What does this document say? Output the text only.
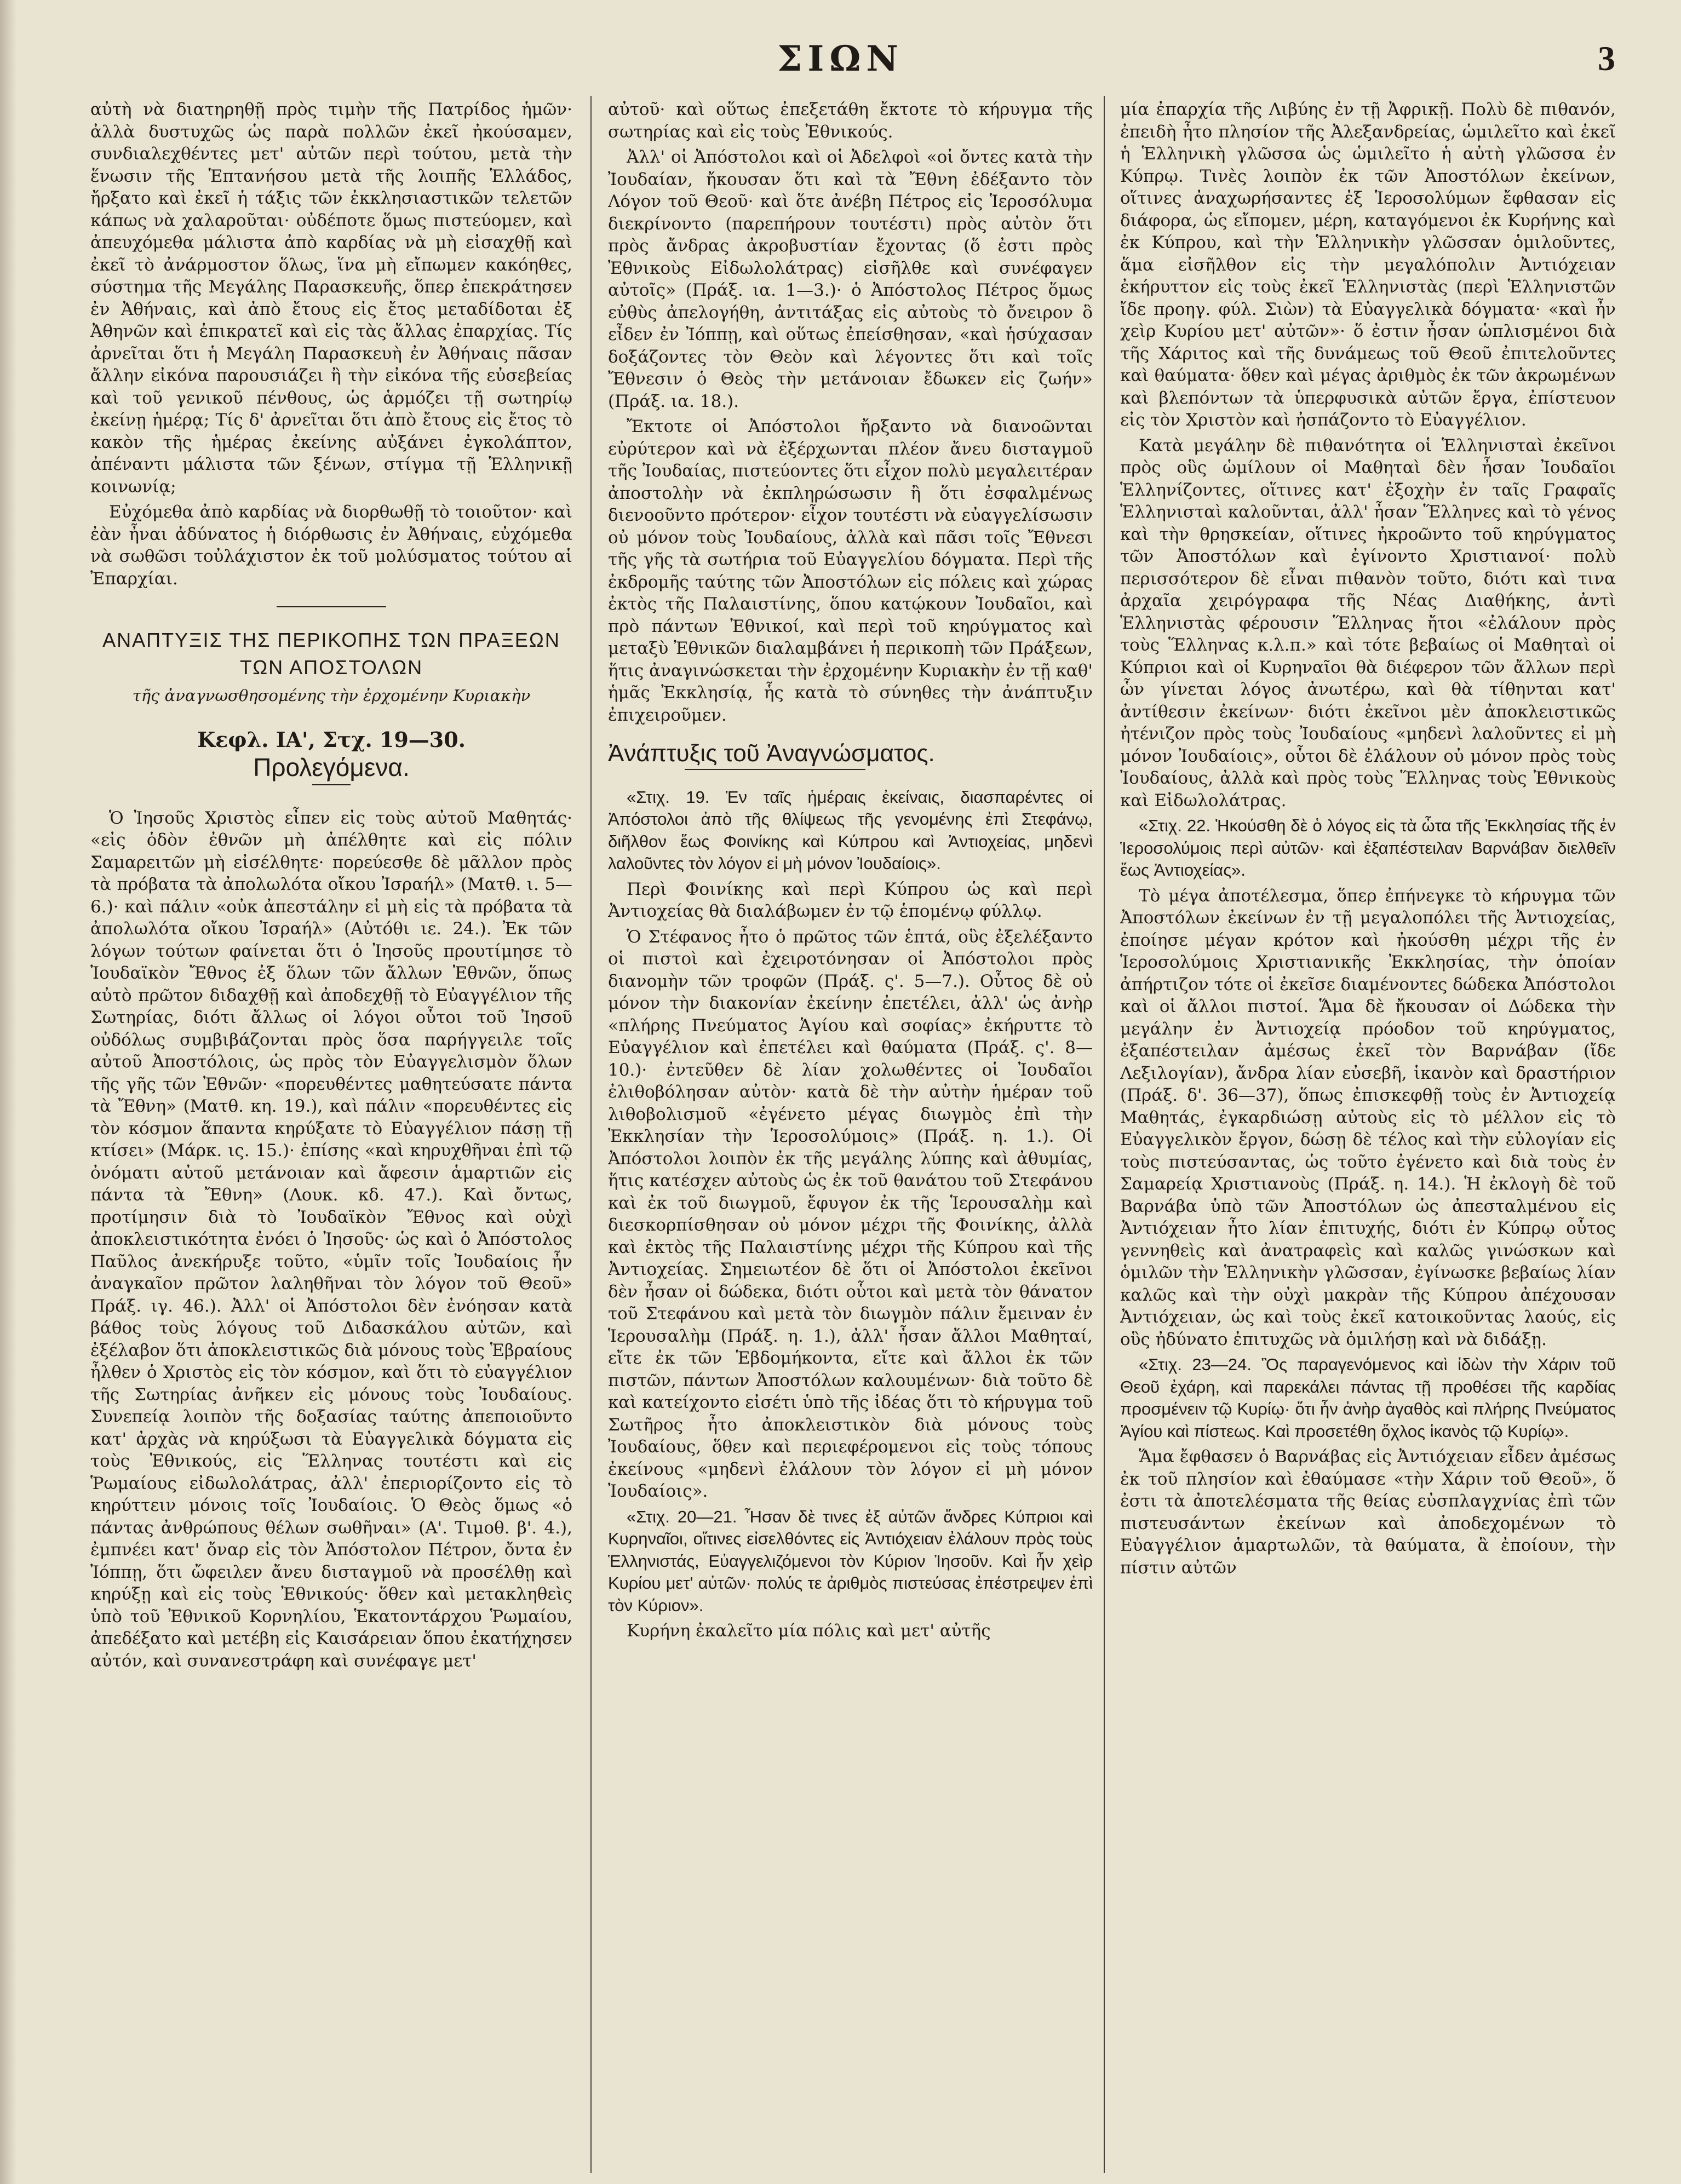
ΣΙΩΝ	3

αὐτὴ νὰ διατηρηθῇ πρὸς τιμὴν τῆς Πατρίδος ἡμῶν· ἀλλὰ δυστυχῶς ὡς παρὰ πολλῶν ἐκεῖ ἠκούσαμεν, συνδιαλεχθέντες μετ' αὐτῶν περὶ τούτου, μετὰ τὴν ἕνωσιν τῆς Ἑπτανήσου μετὰ τῆς λοιπῆς Ἑλλάδος, ἤρξατο καὶ ἐκεῖ ἡ τάξις τῶν ἐκκλησιαστικῶν τελετῶν κάπως νὰ χαλαροῦται· οὐδέποτε ὅμως πιστεύομεν, καὶ ἀπευχόμεθα μάλιστα ἀπὸ καρδίας νὰ μὴ εἰσαχθῇ καὶ ἐκεῖ τὸ ἀνάρμοστον ὅλως, ἵνα μὴ εἴπωμεν κακόηθες, σύστημα τῆς Μεγάλης Παρασκευῆς, ὅπερ ἐπεκράτησεν ἐν Ἀθήναις, καὶ ἀπὸ ἔτους εἰς ἔτος μεταδίδοται ἐξ Ἀθηνῶν καὶ ἐπικρατεῖ καὶ εἰς τὰς ἄλλας ἐπαρχίας. Τίς ἀρνεῖται ὅτι ἡ Μεγάλη Παρασκευὴ ἐν Ἀθήναις πᾶσαν ἄλλην εἰκόνα παρουσιάζει ἢ τὴν εἰκόνα τῆς εὐσεβείας καὶ τοῦ γενικοῦ πένθους, ὡς ἁρμόζει τῇ σωτηρίῳ ἐκείνῃ ἡμέρᾳ; Τίς δ' ἀρνεῖται ὅτι ἀπὸ ἔτους εἰς ἔτος τὸ κακὸν τῆς ἡμέρας ἐκείνης αὐξάνει ἐγκολάπτον, ἀπέναντι μάλιστα τῶν ξένων, στίγμα τῇ Ἑλληνικῇ κοινωνίᾳ;

Εὐχόμεθα ἀπὸ καρδίας νὰ διορθωθῇ τὸ τοιοῦτον· καὶ ἐὰν ἦναι ἀδύνατος ἡ διόρθωσις ἐν Ἀθήναις, εὐχόμεθα νὰ σωθῶσι τοὐλάχιστον ἐκ τοῦ μολύσματος τούτου αἱ Ἐπαρχίαι.

ΑΝΑΠΤΥΞΙΣ ΤΗΣ ΠΕΡΙΚΟΠΗΣ ΤΩΝ ΠΡΑΞΕΩΝ ΤΩΝ ΑΠΟΣΤΟΛΩΝ

τῆς ἀναγνωσθησομένης τὴν ἐρχομένην Κυριακὴν

Κεφλ. ΙΑ', Στχ. 19—30.

Προλεγόμενα.

Ὁ Ἰησοῦς Χριστὸς εἶπεν εἰς τοὺς αὐτοῦ Μαθητάς· «εἰς ὁδὸν ἐθνῶν μὴ ἀπέλθητε καὶ εἰς πόλιν Σαμαρειτῶν μὴ εἰσέλθητε· πορεύεσθε δὲ μᾶλλον πρὸς τὰ πρόβατα τὰ ἀπολωλότα οἴκου Ἰσραήλ» (Ματθ. ι. 5—6.)· καὶ πάλιν «οὐκ ἀπεστάλην εἰ μὴ εἰς τὰ πρόβατα τὰ ἀπολωλότα οἴκου Ἰσραήλ» (Αὐτόθι ιε. 24.). Ἐκ τῶν λόγων τούτων φαίνεται ὅτι ὁ Ἰησοῦς προυτίμησε τὸ Ἰουδαϊκὸν Ἔθνος ἐξ ὅλων τῶν ἄλλων Ἐθνῶν, ὅπως αὐτὸ πρῶτον διδαχθῇ καὶ ἀποδεχθῇ τὸ Εὐαγγέλιον τῆς Σωτηρίας, διότι ἄλλως οἱ λόγοι οὗτοι τοῦ Ἰησοῦ οὐδόλως συμβιβάζονται πρὸς ὅσα παρήγγειλε τοῖς αὐτοῦ Ἀποστόλοις, ὡς πρὸς τὸν Εὐαγγελισμὸν ὅλων τῆς γῆς τῶν Ἐθνῶν· «πορευθέντες μαθητεύσατε πάντα τὰ Ἔθνη» (Ματθ. κη. 19.), καὶ πάλιν «πορευθέντες εἰς τὸν κόσμον ἅπαντα κηρύξατε τὸ Εὐαγγέλιον πάσῃ τῇ κτίσει» (Μάρκ. ις. 15.)· ἐπίσης «καὶ κηρυχθῆναι ἐπὶ τῷ ὀνόματι αὐτοῦ μετάνοιαν καὶ ἄφεσιν ἁμαρτιῶν εἰς πάντα τὰ Ἔθνη» (Λουκ. κδ. 47.). Καὶ ὄντως, προτίμησιν διὰ τὸ Ἰουδαϊκὸν Ἔθνος καὶ οὐχὶ ἀποκλειστικότητα ἐνόει ὁ Ἰησοῦς· ὡς καὶ ὁ Ἀπόστολος Παῦλος ἀνεκήρυξε τοῦτο, «ὑμῖν τοῖς Ἰουδαίοις ἦν ἀναγκαῖον πρῶτον λαληθῆναι τὸν λόγον τοῦ Θεοῦ» Πράξ. ιγ. 46.). Ἀλλ' οἱ Ἀπόστολοι δὲν ἐνόησαν κατὰ βάθος τοὺς λόγους τοῦ Διδασκάλου αὐτῶν, καὶ ἐξέλαβον ὅτι ἀποκλειστικῶς διὰ μόνους τοὺς Ἑβραίους ἦλθεν ὁ Χριστὸς εἰς τὸν κόσμον, καὶ ὅτι τὸ εὐαγγέλιον τῆς Σωτηρίας ἀνῆκεν εἰς μόνους τοὺς Ἰουδαίους. Συνεπείᾳ λοιπὸν τῆς δοξασίας ταύτης ἀπεποιοῦντο κατ' ἀρχὰς νὰ κηρύξωσι τὰ Εὐαγγελικὰ δόγματα εἰς τοὺς Ἐθνικούς, εἰς Ἕλληνας τουτέστι καὶ εἰς Ῥωμαίους εἰδωλολάτρας, ἀλλ' ἐπεριορίζοντο εἰς τὸ κηρύττειν μόνοις τοῖς Ἰουδαίοις. Ὁ Θεὸς ὅμως «ὁ πάντας ἀνθρώπους θέλων σωθῆναι» (Α'. Τιμοθ. β'. 4.), ἐμπνέει κατ' ὄναρ εἰς τὸν Ἀπόστολον Πέτρον, ὄντα ἐν Ἰόππῃ, ὅτι ὤφειλεν ἄνευ δισταγμοῦ νὰ προσέλθῃ καὶ κηρύξῃ καὶ εἰς τοὺς Ἐθνικούς· ὅθεν καὶ μετακληθεὶς ὑπὸ τοῦ Ἐθνικοῦ Κορνηλίου, Ἑκατοντάρχου Ῥωμαίου, ἀπεδέξατο καὶ μετέβη εἰς Καισάρειαν ὅπου ἐκατήχησεν αὐτόν, καὶ συνανεστράφη καὶ συνέφαγε μετ'

αὐτοῦ· καὶ οὕτως ἐπεξετάθη ἔκτοτε τὸ κήρυγμα τῆς σωτηρίας καὶ εἰς τοὺς Ἐθνικούς.

Ἀλλ' οἱ Ἀπόστολοι καὶ οἱ Ἀδελφοὶ «οἱ ὄντες κατὰ τὴν Ἰουδαίαν, ἤκουσαν ὅτι καὶ τὰ Ἔθνη ἐδέξαντο τὸν Λόγον τοῦ Θεοῦ· καὶ ὅτε ἀνέβη Πέτρος εἰς Ἱεροσόλυμα διεκρίνοντο (παρεπήρουν τουτέστι) πρὸς αὐτὸν ὅτι πρὸς ἄνδρας ἀκροβυστίαν ἔχοντας (ὅ ἐστι πρὸς Ἐθνικοὺς Εἰδωλολάτρας) εἰσῆλθε καὶ συνέφαγεν αὐτοῖς» (Πράξ. ια. 1—3.)· ὁ Ἀπόστολος Πέτρος ὅμως εὐθὺς ἀπελογήθη, ἀντιτάξας εἰς αὐτοὺς τὸ ὄνειρον ὃ εἶδεν ἐν Ἰόππῃ, καὶ οὕτως ἐπείσθησαν, «καὶ ἡσύχασαν δοξάζοντες τὸν Θεὸν καὶ λέγοντες ὅτι καὶ τοῖς Ἔθνεσιν ὁ Θεὸς τὴν μετάνοιαν ἔδωκεν εἰς ζωήν» (Πράξ. ια. 18.).

Ἔκτοτε οἱ Ἀπόστολοι ἤρξαντο νὰ διανοῶνται εὐρύτερον καὶ νὰ ἐξέρχωνται πλέον ἄνευ δισταγμοῦ τῆς Ἰουδαίας, πιστεύοντες ὅτι εἶχον πολὺ μεγαλειτέραν ἀποστολὴν νὰ ἐκπληρώσωσιν ἢ ὅτι ἐσφαλμένως διενοοῦντο πρότερον· εἶχον τουτέστι νὰ εὐαγγελίσωσιν οὐ μόνον τοὺς Ἰουδαίους, ἀλλὰ καὶ πᾶσι τοῖς Ἔθνεσι τῆς γῆς τὰ σωτήρια τοῦ Εὐαγγελίου δόγματα. Περὶ τῆς ἐκδρομῆς ταύτης τῶν Ἀποστόλων εἰς πόλεις καὶ χώρας ἐκτὸς τῆς Παλαιστίνης, ὅπου κατῴκουν Ἰουδαῖοι, καὶ πρὸ πάντων Ἐθνικοί, καὶ περὶ τοῦ κηρύγματος καὶ μεταξὺ Ἐθνικῶν διαλαμβάνει ἡ περικοπὴ τῶν Πράξεων, ἥτις ἀναγινώσκεται τὴν ἐρχομένην Κυριακὴν ἐν τῇ καθ' ἡμᾶς Ἐκκλησίᾳ, ἧς κατὰ τὸ σύνηθες τὴν ἀνάπτυξιν ἐπιχειροῦμεν.

Ἀνάπτυξις τοῦ Ἀναγνώσματος.

«Στιχ. 19. Ἐν ταῖς ἡμέραις ἐκείναις, διασπαρέντες οἱ Ἀπόστολοι ἀπὸ τῆς θλίψεως τῆς γενομένης ἐπὶ Στεφάνῳ, διῆλθον ἕως Φοινίκης καὶ Κύπρου καὶ Ἀντιοχείας, μηδενὶ λαλοῦντες τὸν λόγον εἰ μὴ μόνον Ἰουδαίοις».

Περὶ Φοινίκης καὶ περὶ Κύπρου ὡς καὶ περὶ Ἀντιοχείας θὰ διαλάβωμεν ἐν τῷ ἑπομένῳ φύλλῳ.

Ὁ Στέφανος ἦτο ὁ πρῶτος τῶν ἑπτά, οὓς ἐξελέξαντο οἱ πιστοὶ καὶ ἐχειροτόνησαν οἱ Ἀπόστολοι πρὸς διανομὴν τῶν τροφῶν (Πράξ. ς'. 5—7.). Οὗτος δὲ οὐ μόνον τὴν διακονίαν ἐκείνην ἐπετέλει, ἀλλ' ὡς ἀνὴρ «πλήρης Πνεύματος Ἁγίου καὶ σοφίας» ἐκήρυττε τὸ Εὐαγγέλιον καὶ ἐπετέλει καὶ θαύματα (Πράξ. ς'. 8—10.)· ἐντεῦθεν δὲ λίαν χολωθέντες οἱ Ἰουδαῖοι ἐλιθοβόλησαν αὐτὸν· κατὰ δὲ τὴν αὐτὴν ἡμέραν τοῦ λιθοβολισμοῦ «ἐγένετο μέγας διωγμὸς ἐπὶ τὴν Ἐκκλησίαν τὴν Ἱεροσολύμοις» (Πράξ. η. 1.). Οἱ Ἀπόστολοι λοιπὸν ἐκ τῆς μεγάλης λύπης καὶ ἀθυμίας, ἥτις κατέσχεν αὐτοὺς ὡς ἐκ τοῦ θανάτου τοῦ Στεφάνου καὶ ἐκ τοῦ διωγμοῦ, ἔφυγον ἐκ τῆς Ἱερουσαλὴμ καὶ διεσκορπίσθησαν οὐ μόνον μέχρι τῆς Φοινίκης, ἀλλὰ καὶ ἐκτὸς τῆς Παλαιστίνης μέχρι τῆς Κύπρου καὶ τῆς Ἀντιοχείας. Σημειωτέον δὲ ὅτι οἱ Ἀπόστολοι ἐκεῖνοι δὲν ἦσαν οἱ δώδεκα, διότι οὗτοι καὶ μετὰ τὸν θάνατον τοῦ Στεφάνου καὶ μετὰ τὸν διωγμὸν πάλιν ἔμειναν ἐν Ἱερουσαλὴμ (Πράξ. η. 1.), ἀλλ' ἦσαν ἄλλοι Μαθηταί, εἴτε ἐκ τῶν Ἑβδομήκοντα, εἴτε καὶ ἄλλοι ἐκ τῶν πιστῶν, πάντων Ἀποστόλων καλουμένων· διὰ τοῦτο δὲ καὶ κατείχοντο εἰσέτι ὑπὸ τῆς ἰδέας ὅτι τὸ κήρυγμα τοῦ Σωτῆρος ἦτο ἀποκλειστικὸν διὰ μόνους τοὺς Ἰουδαίους, ὅθεν καὶ περιεφέρομενοι εἰς τοὺς τόπους ἐκείνους «μηδενὶ ἐλάλουν τὸν λόγον εἰ μὴ μόνον Ἰουδαίοις».

«Στιχ. 20—21. Ἦσαν δὲ τινες ἐξ αὐτῶν ἄνδρες Κύπριοι καὶ Κυρηναῖοι, οἵτινες εἰσελθόντες εἰς Ἀντιόχειαν ἐλάλουν πρὸς τοὺς Ἑλληνιστάς, Εὐαγγελιζόμενοι τὸν Κύριον Ἰησοῦν. Καὶ ἦν χεὶρ Κυρίου μετ' αὐτῶν· πολύς τε ἀριθμὸς πιστεύσας ἐπέστρεψεν ἐπὶ τὸν Κύριον».

Κυρήνη ἐκαλεῖτο μία πόλις καὶ μετ' αὐτῆς

μία ἐπαρχία τῆς Λιβύης ἐν τῇ Ἀφρικῇ. Πολὺ δὲ πιθανόν, ἐπειδὴ ἦτο πλησίον τῆς Ἀλεξανδρείας, ὡμιλεῖτο καὶ ἐκεῖ ἡ Ἑλληνικὴ γλῶσσα ὡς ὡμιλεῖτο ἡ αὐτὴ γλῶσσα ἐν Κύπρῳ. Τινὲς λοιπὸν ἐκ τῶν Ἀποστόλων ἐκείνων, οἵτινες ἀναχωρήσαντες ἐξ Ἱεροσολύμων ἔφθασαν εἰς διάφορα, ὡς εἴπομεν, μέρη, καταγόμενοι ἐκ Κυρήνης καὶ ἐκ Κύπρου, καὶ τὴν Ἑλληνικὴν γλῶσσαν ὁμιλοῦντες, ἅμα εἰσῆλθον εἰς τὴν μεγαλόπολιν Ἀντιόχειαν ἐκήρυττον εἰς τοὺς ἐκεῖ Ἑλληνιστὰς (περὶ Ἑλληνιστῶν ἴδε προηγ. φύλ. Σιὼν) τὰ Εὐαγγελικὰ δόγματα· «καὶ ἦν χεὶρ Κυρίου μετ' αὐτῶν»· ὅ ἐστιν ἦσαν ὡπλισμένοι διὰ τῆς Χάριτος καὶ τῆς δυνάμεως τοῦ Θεοῦ ἐπιτελοῦντες καὶ θαύματα· ὅθεν καὶ μέγας ἀριθμὸς ἐκ τῶν ἀκρωμένων καὶ βλεπόντων τὰ ὑπερφυσικὰ αὐτῶν ἔργα, ἐπίστευον εἰς τὸν Χριστὸν καὶ ἠσπάζοντο τὸ Εὐαγγέλιον.

Κατὰ μεγάλην δὲ πιθανότητα οἱ Ἑλληνισταὶ ἐκεῖνοι πρὸς οὓς ὡμίλουν οἱ Μαθηταὶ δὲν ἦσαν Ἰουδαῖοι Ἑλληνίζοντες, οἵτινες κατ' ἐξοχὴν ἐν ταῖς Γραφαῖς Ἑλληνισταὶ καλοῦνται, ἀλλ' ἦσαν Ἕλληνες καὶ τὸ γένος καὶ τὴν θρησκείαν, οἵτινες ἠκροῶντο τοῦ κηρύγματος τῶν Ἀποστόλων καὶ ἐγίνοντο Χριστιανοί· πολὺ περισσότερον δὲ εἶναι πιθανὸν τοῦτο, διότι καὶ τινα ἀρχαῖα χειρόγραφα τῆς Νέας Διαθήκης, ἀντὶ Ἑλληνιστὰς φέρουσιν Ἕλληνας ἤτοι «ἐλάλουν πρὸς τοὺς Ἕλληνας κ.λ.π.» καὶ τότε βεβαίως οἱ Μαθηταὶ οἱ Κύπριοι καὶ οἱ Κυρηναῖοι θὰ διέφερον τῶν ἄλλων περὶ ὧν γίνεται λόγος ἀνωτέρω, καὶ θὰ τίθηνται κατ' ἀντίθεσιν ἐκείνων· διότι ἐκεῖνοι μὲν ἀποκλειστικῶς ἠτένιζον πρὸς τοὺς Ἰουδαίους «μηδενὶ λαλοῦντες εἰ μὴ μόνον Ἰουδαίοις», οὗτοι δὲ ἐλάλουν οὐ μόνον πρὸς τοὺς Ἰουδαίους, ἀλλὰ καὶ πρὸς τοὺς Ἕλληνας τοὺς Ἐθνικοὺς καὶ Εἰδωλολάτρας.

«Στιχ. 22. Ἠκούσθη δὲ ὁ λόγος εἰς τὰ ὦτα τῆς Ἐκκλησίας τῆς ἐν Ἱεροσολύμοις περὶ αὐτῶν· καὶ ἐξαπέστειλαν Βαρνάβαν διελθεῖν ἕως Ἀντιοχείας».

Τὸ μέγα ἀποτέλεσμα, ὅπερ ἐπήνεγκε τὸ κήρυγμα τῶν Ἀποστόλων ἐκείνων ἐν τῇ μεγαλοπόλει τῆς Ἀντιοχείας, ἐποίησε μέγαν κρότον καὶ ἠκούσθη μέχρι τῆς ἐν Ἱεροσολύμοις Χριστιανικῆς Ἐκκλησίας, τὴν ὁποίαν ἀπήρτιζον τότε οἱ ἐκεῖσε διαμένοντες δώδεκα Ἀπόστολοι καὶ οἱ ἄλλοι πιστοί. Ἅμα δὲ ἤκουσαν οἱ Δώδεκα τὴν μεγάλην ἐν Ἀντιοχείᾳ πρόοδον τοῦ κηρύγματος, ἐξαπέστειλαν ἀμέσως ἐκεῖ τὸν Βαρνάβαν (ἴδε Λεξιλογίαν), ἄνδρα λίαν εὐσεβῆ, ἱκανὸν καὶ δραστήριον (Πράξ. δ'. 36—37), ὅπως ἐπισκεφθῇ τοὺς ἐν Ἀντιοχείᾳ Μαθητάς, ἐγκαρδιώσῃ αὐτοὺς εἰς τὸ μέλλον εἰς τὸ Εὐαγγελικὸν ἔργον, δώσῃ δὲ τέλος καὶ τὴν εὐλογίαν εἰς τοὺς πιστεύσαντας, ὡς τοῦτο ἐγένετο καὶ διὰ τοὺς ἐν Σαμαρείᾳ Χριστιανοὺς (Πράξ. η. 14.). Ἡ ἐκλογὴ δὲ τοῦ Βαρνάβα ὑπὸ τῶν Ἀποστόλων ὡς ἀπεσταλμένου εἰς Ἀντιόχειαν ἦτο λίαν ἐπιτυχής, διότι ἐν Κύπρῳ οὗτος γεννηθεὶς καὶ ἀνατραφεὶς καὶ καλῶς γινώσκων καὶ ὁμιλῶν τὴν Ἑλληνικὴν γλῶσσαν, ἐγίνωσκε βεβαίως λίαν καλῶς καὶ τὴν οὐχὶ μακρὰν τῆς Κύπρου ἀπέχουσαν Ἀντιόχειαν, ὡς καὶ τοὺς ἐκεῖ κατοικοῦντας λαούς, εἰς οὓς ἠδύνατο ἐπιτυχῶς νὰ ὁμιλήσῃ καὶ νὰ διδάξῃ.

«Στιχ. 23—24. Ὃς παραγενόμενος καὶ ἰδὼν τὴν Χάριν τοῦ Θεοῦ ἐχάρη, καὶ παρεκάλει πάντας τῇ προθέσει τῆς καρδίας προσμένειν τῷ Κυρίῳ· ὅτι ἦν ἀνὴρ ἀγαθὸς καὶ πλήρης Πνεύματος Ἁγίου καὶ πίστεως. Καὶ προσετέθη ὄχλος ἱκανὸς τῷ Κυρίῳ».

Ἅμα ἔφθασεν ὁ Βαρνάβας εἰς Ἀντιόχειαν εἶδεν ἀμέσως ἐκ τοῦ πλησίον καὶ ἐθαύμασε «τὴν Χάριν τοῦ Θεοῦ», ὅ ἐστι τὰ ἀποτελέσματα τῆς θείας εὐσπλαγχνίας ἐπὶ τῶν πιστευσάντων ἐκείνων καὶ ἀποδεχομένων τὸ Εὐαγγέλιον ἁμαρτωλῶν, τὰ θαύματα, ἃ ἐποίουν, τὴν πίστιν αὐτῶν
